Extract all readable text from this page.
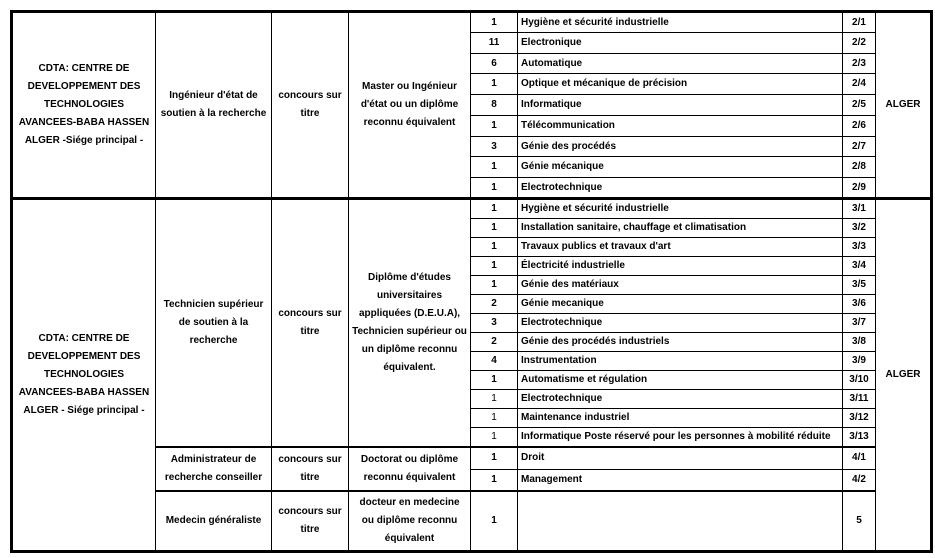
CDTA: CENTRE DE DEVELOPPEMENT DES TECHNOLOGIES AVANCEES-BABA HASSEN ALGER -Siége principal -	Ingénieur d'état de soutien à la recherche	concours sur titre	Master ou Ingénieur d'état ou un diplôme reconnu équivalent	1	Hygiène et sécurité industrielle	2/1	ALGER
				11	Electronique	2/2	
				6	Automatique	2/3	
				1	Optique et mécanique de précision	2/4	
				8	Informatique	2/5	
				1	Télécommunication	2/6	
				3	Génie des procédés	2/7	
				1	Génie mécanique	2/8	
				1	Electrotechnique	2/9	
CDTA: CENTRE DE DEVELOPPEMENT DES TECHNOLOGIES AVANCEES-BABA HASSEN ALGER - Siége principal -	Technicien supérieur de soutien à la recherche	concours sur titre	Diplôme d'études universitaires appliquées (D.E.U.A), Technicien supérieur ou un diplôme reconnu équivalent.	1	Hygiène et sécurité industrielle	3/1	ALGER
				1	Installation sanitaire, chauffage et climatisation	3/2	
				1	Travaux publics et travaux d'art	3/3	
				1	Électricité industrielle	3/4	
				1	Génie des matériaux	3/5	
				2	Génie mecanique	3/6	
				3	Electrotechnique	3/7	
				2	Génie des procédés industriels	3/8	
				4	Instrumentation	3/9	
				1	Automatisme et régulation	3/10	
				1	Electrotechnique	3/11	
				1	Maintenance industriel	3/12	
				1	Informatique Poste réservé pour les personnes à mobilité réduite	3/13	
	Administrateur de recherche conseiller	concours sur titre	Doctorat ou diplôme reconnu équivalent	1	Droit	4/1	
				1	Management	4/2	
	Medecin généraliste	concours sur titre	docteur en medecine ou diplôme reconnu équivalent	1		5	
